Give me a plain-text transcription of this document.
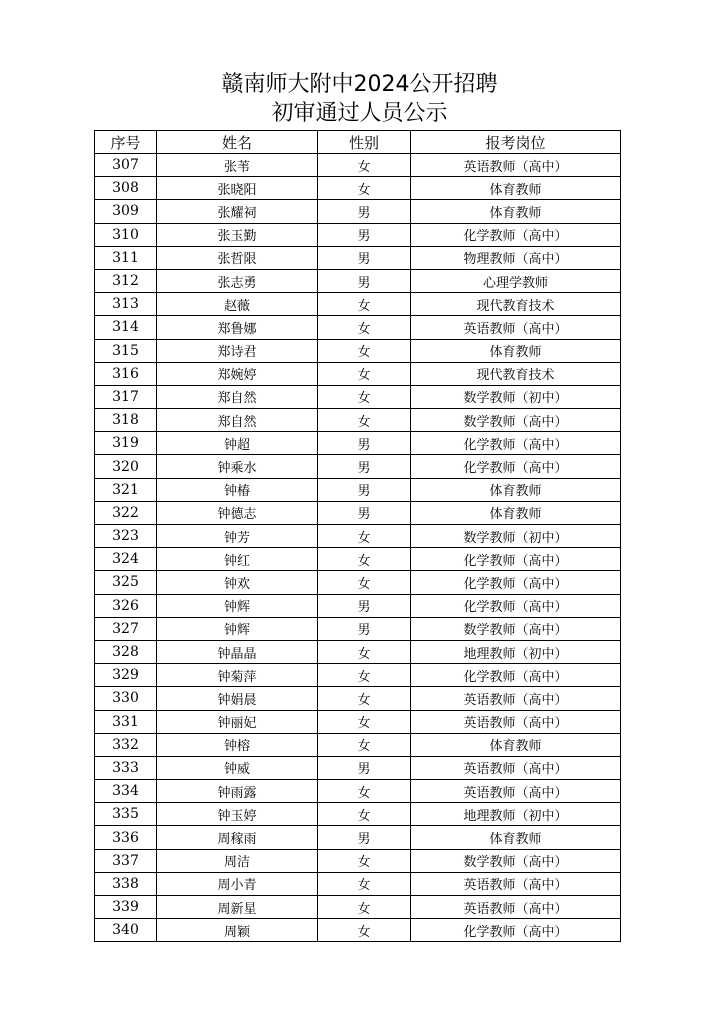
赣南师大附中2024公开招聘
初审通过人员公示
序号	姓名	性别	报考岗位
307	张苇	女	英语教师（高中）
308	张晓阳	女	体育教师
309	张耀祠	男	体育教师
310	张玉勤	男	化学教师（高中）
311	张哲限	男	物理教师（高中）
312	张志勇	男	心理学教师
313	赵薇	女	现代教育技术
314	郑鲁娜	女	英语教师（高中）
315	郑诗君	女	体育教师
316	郑婉婷	女	现代教育技术
317	郑自然	女	数学教师（初中）
318	郑自然	女	数学教师（高中）
319	钟超	男	化学教师（高中）
320	钟乘水	男	化学教师（高中）
321	钟椿	男	体育教师
322	钟德志	男	体育教师
323	钟芳	女	数学教师（初中）
324	钟红	女	化学教师（高中）
325	钟欢	女	化学教师（高中）
326	钟辉	男	化学教师（高中）
327	钟辉	男	数学教师（高中）
328	钟晶晶	女	地理教师（初中）
329	钟菊萍	女	化学教师（高中）
330	钟娟晨	女	英语教师（高中）
331	钟丽妃	女	英语教师（高中）
332	钟榕	女	体育教师
333	钟威	男	英语教师（高中）
334	钟雨露	女	英语教师（高中）
335	钟玉婷	女	地理教师（初中）
336	周稼雨	男	体育教师
337	周洁	女	数学教师（高中）
338	周小青	女	英语教师（高中）
339	周新星	女	英语教师（高中）
340	周颖	女	化学教师（高中）
